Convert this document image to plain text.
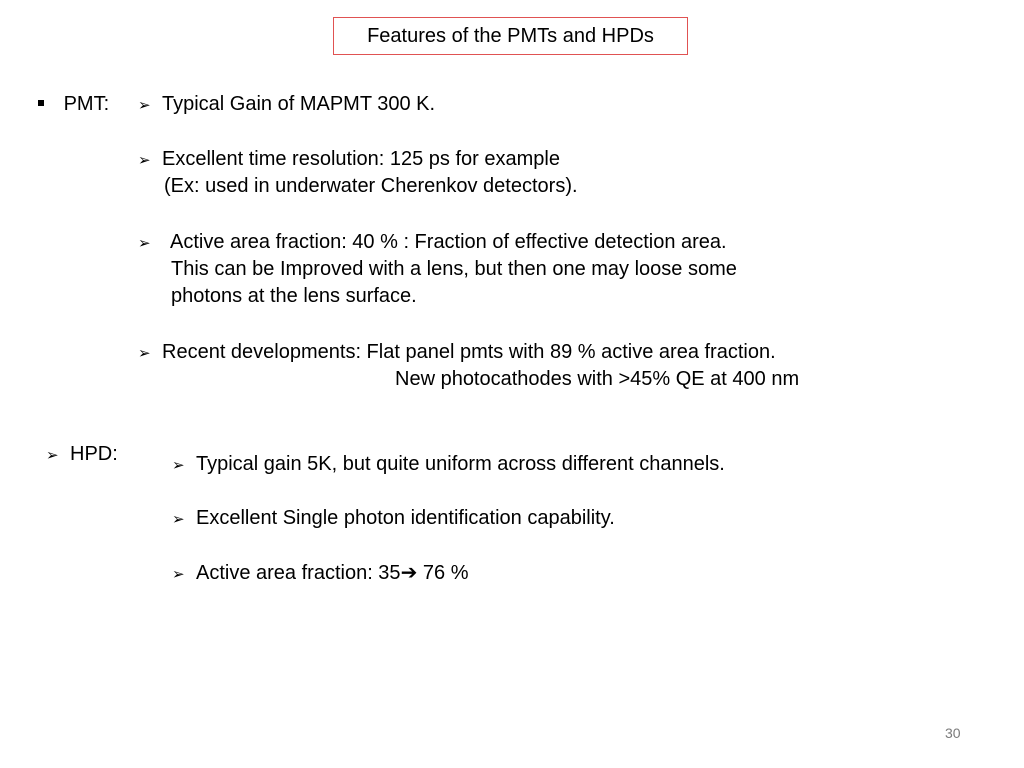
Features of the PMTs and HPDs
PMT: ➢ Typical Gain of MAPMT 300 K.
➢ Excellent time resolution: 125 ps for example
(Ex: used in underwater Cherenkov detectors).
➢ Active area fraction: 40 % : Fraction of effective detection area.
This can be Improved with a lens, but then one may loose some
photons at the lens surface.
➢ Recent developments: Flat panel pmts with 89 % active area fraction.
New photocathodes with >45% QE at 400 nm
➢ HPD:
➢ Typical gain 5K, but quite uniform across different channels.
➢ Excellent Single photon identification capability.
➢ Active area fraction: 35➔ 76 %
30
